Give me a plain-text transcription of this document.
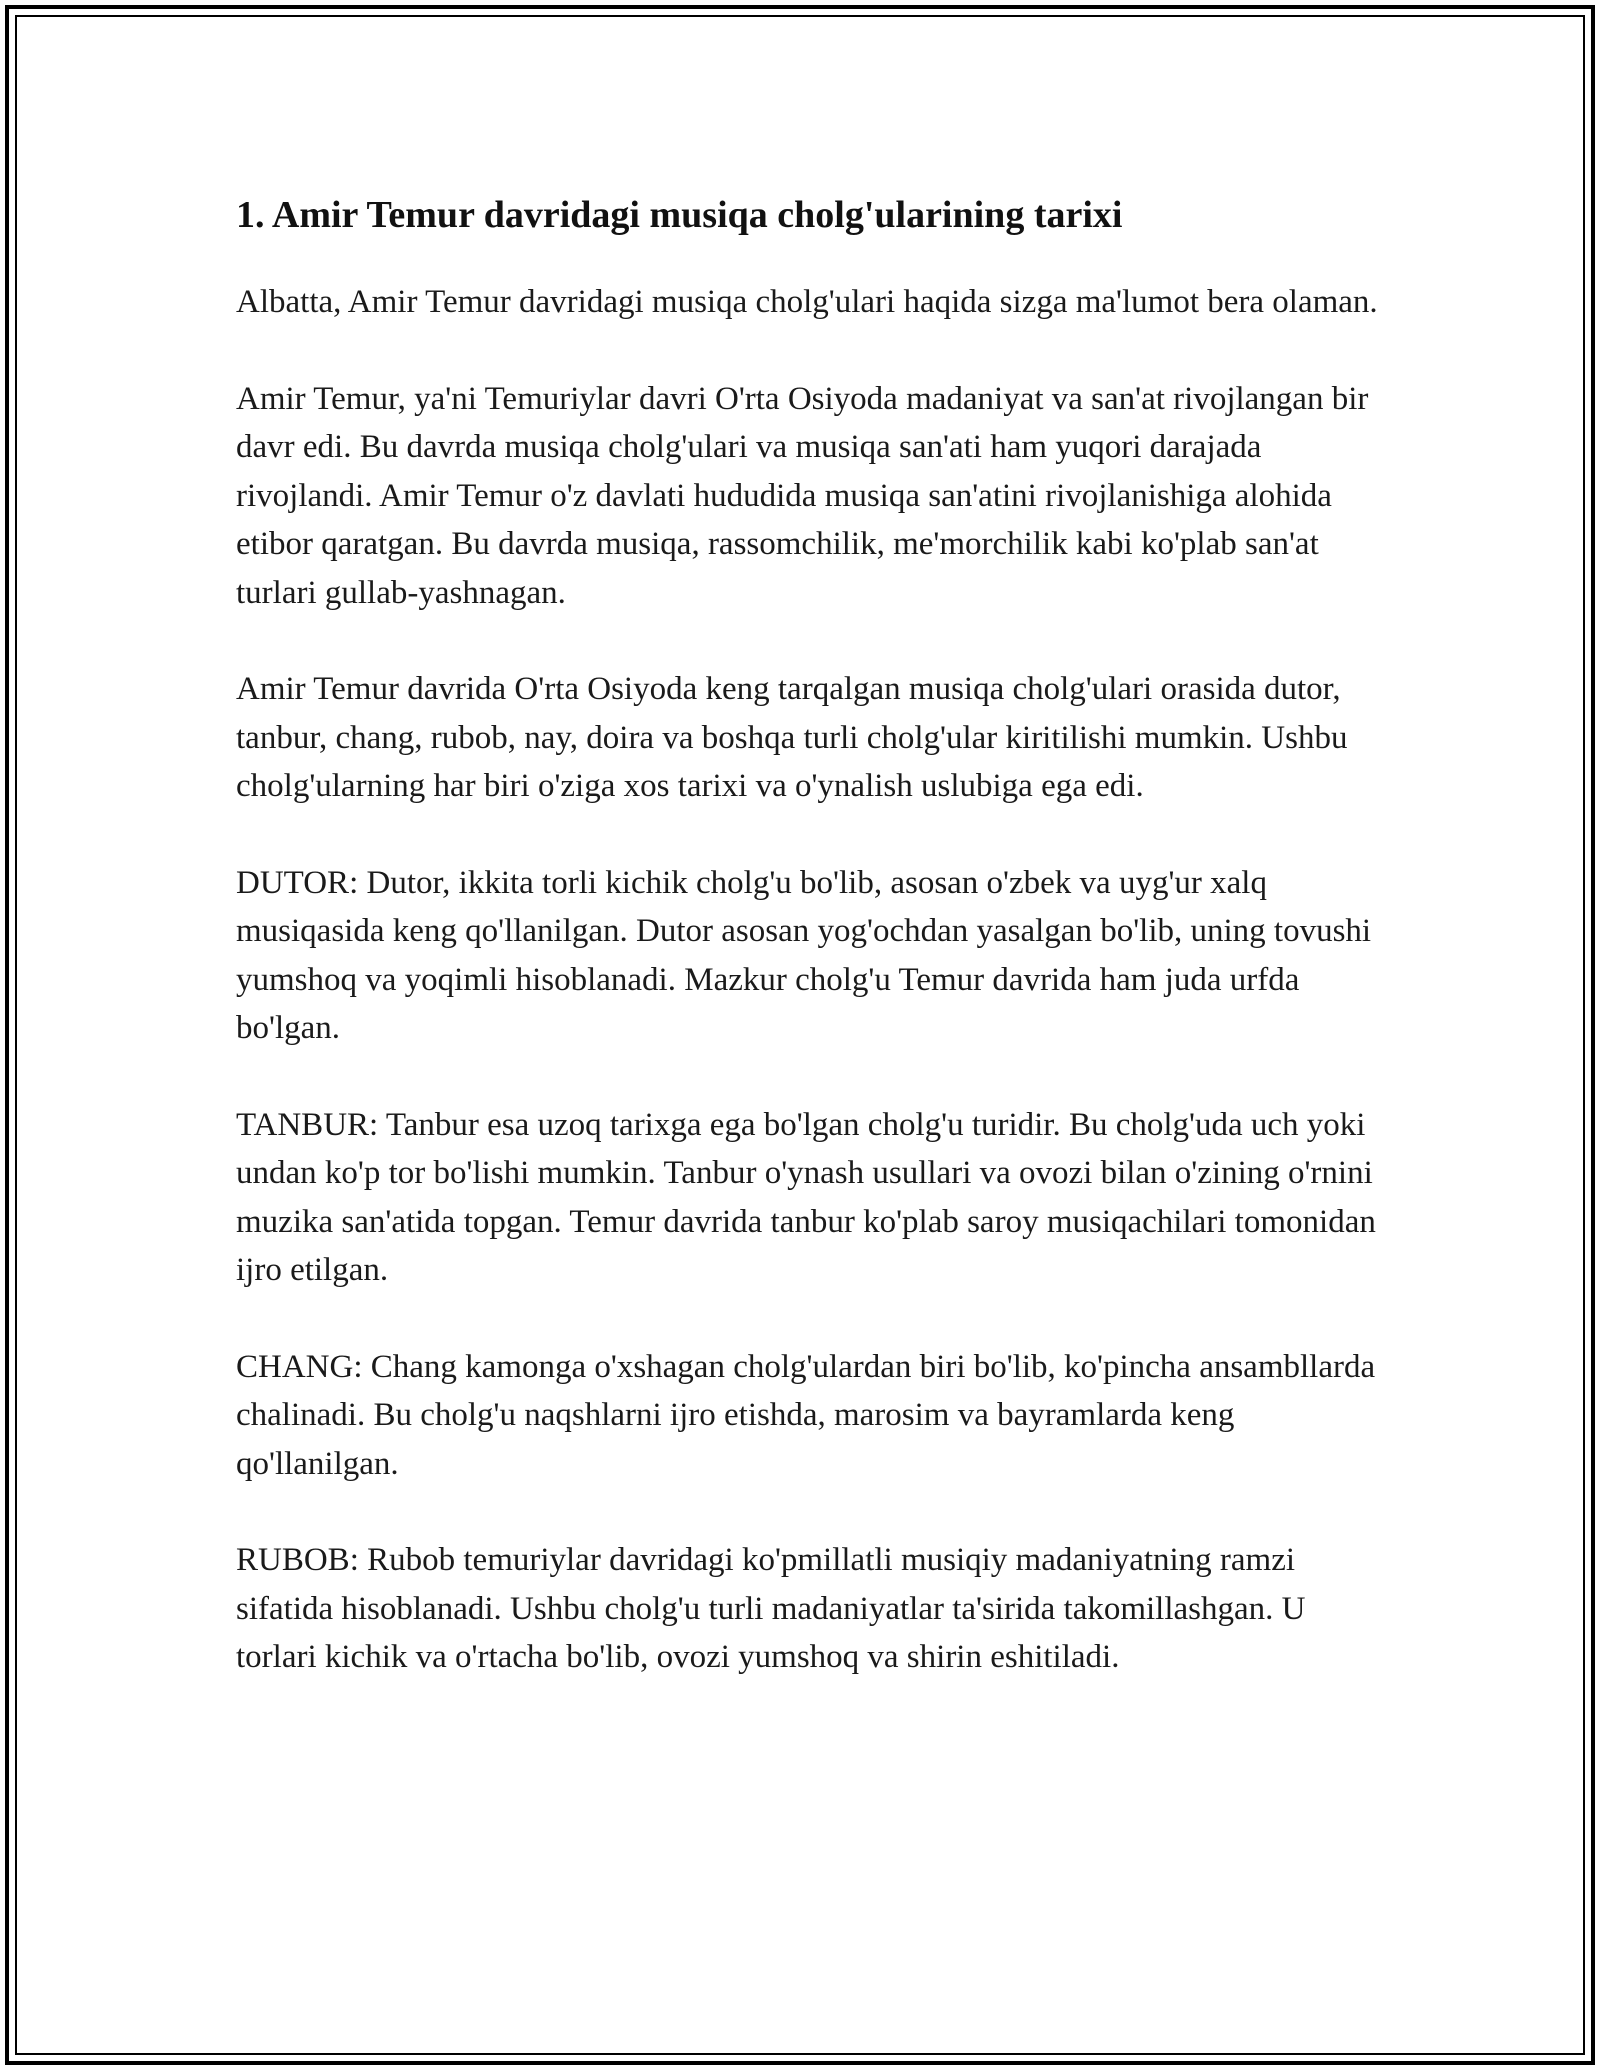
1. Amir Temur davridagi musiqa cholg'ularining tarixi

Albatta, Amir Temur davridagi musiqa cholg'ulari haqida sizga ma'lumot bera olaman.

Amir Temur, ya'ni Temuriylar davri O'rta Osiyoda madaniyat va san'at rivojlangan bir davr edi. Bu davrda musiqa cholg'ulari va musiqa san'ati ham yuqori darajada rivojlandi. Amir Temur o'z davlati hududida musiqa san'atini rivojlanishiga alohida etibor qaratgan. Bu davrda musiqa, rassomchilik, me'morchilik kabi ko'plab san'at turlari gullab-yashnagan.

Amir Temur davrida O'rta Osiyoda keng tarqalgan musiqa cholg'ulari orasida dutor, tanbur, chang, rubob, nay, doira va boshqa turli cholg'ular kiritilishi mumkin. Ushbu cholg'ularning har biri o'ziga xos tarixi va o'ynalish uslubiga ega edi.

DUTOR: Dutor, ikkita torli kichik cholg'u bo'lib, asosan o'zbek va uyg'ur xalq musiqasida keng qo'llanilgan. Dutor asosan yog'ochdan yasalgan bo'lib, uning tovushi yumshoq va yoqimli hisoblanadi. Mazkur cholg'u Temur davrida ham juda urfda bo'lgan.

TANBUR: Tanbur esa uzoq tarixga ega bo'lgan cholg'u turidir. Bu cholg'uda uch yoki undan ko'p tor bo'lishi mumkin. Tanbur o'ynash usullari va ovozi bilan o'zining o'rnini muzika san'atida topgan. Temur davrida tanbur ko'plab saroy musiqachilari tomonidan ijro etilgan.

CHANG: Chang kamonga o'xshagan cholg'ulardan biri bo'lib, ko'pincha ansambllarda chalinadi. Bu cholg'u naqshlarni ijro etishda, marosim va bayramlarda keng qo'llanilgan.

RUBOB: Rubob temuriylar davridagi ko'pmillatli musiqiy madaniyatning ramzi sifatida hisoblanadi. Ushbu cholg'u turli madaniyatlar ta'sirida takomillashgan. U torlari kichik va o'rtacha bo'lib, ovozi yumshoq va shirin eshitiladi.
